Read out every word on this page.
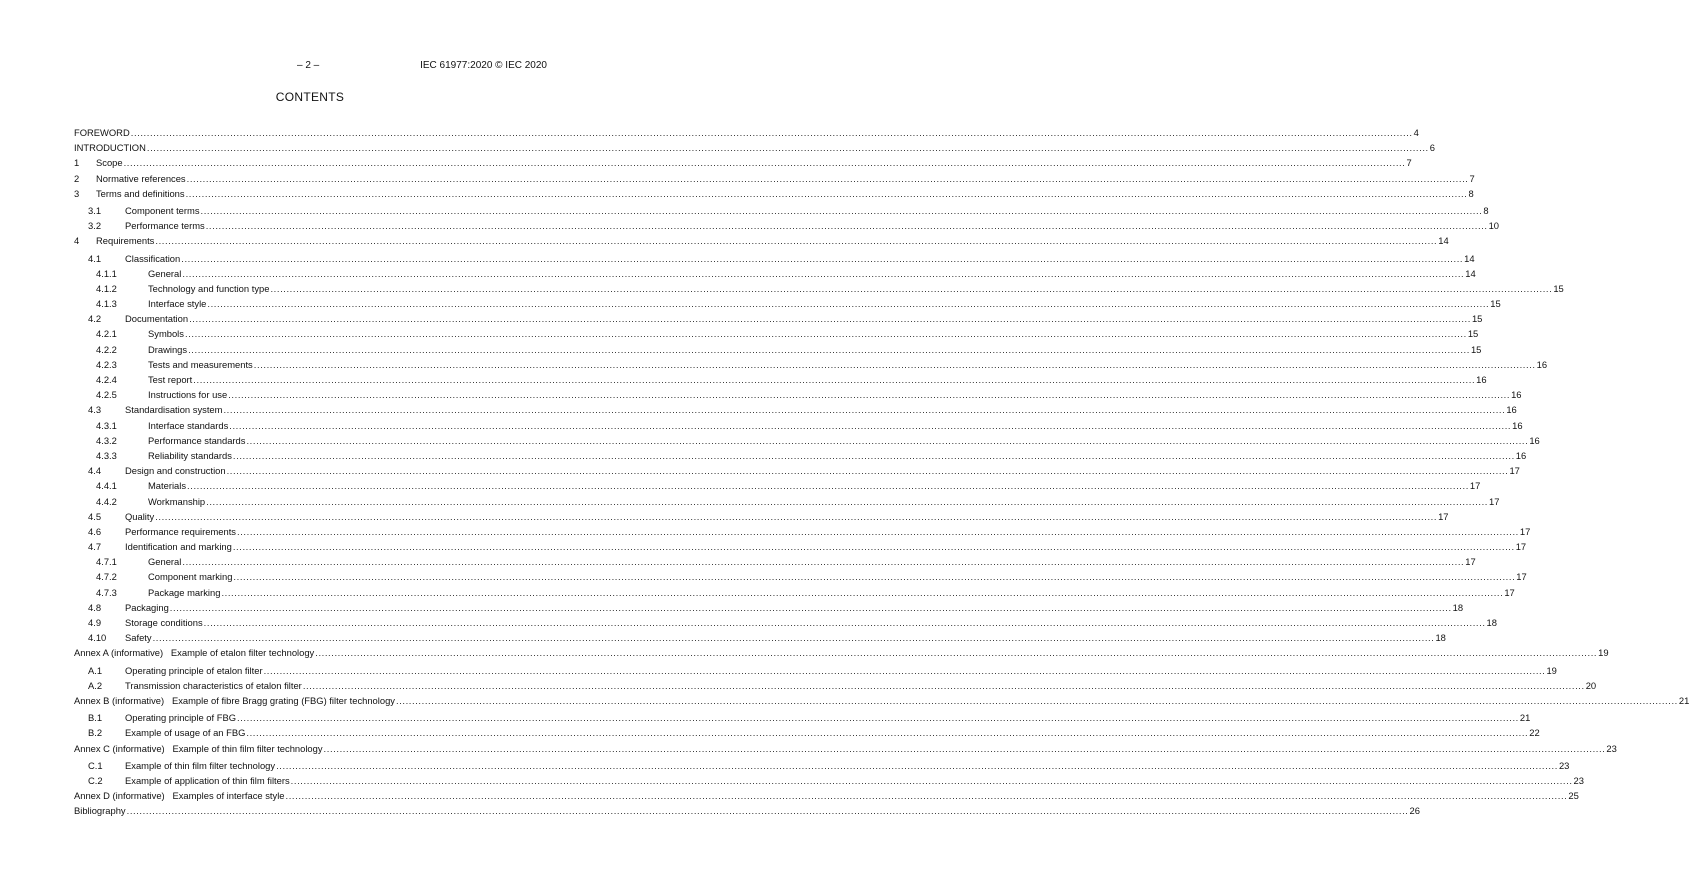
– 2 –	IEC 61977:2020 © IEC 2020
CONTENTS
FOREWORD ................................................................................................................................................................................................................................................................................................................................................................................................................ 4
INTRODUCTION ................................................................................................................................................................................................................................................................................................................................................................................................................ 6
1	Scope ................................................................................................................................................................................................................................................................................................................................................................................................................ 7
2	Normative references ................................................................................................................................................................................................................................................................................................................................................................................................................ 7
3	Terms and definitions ................................................................................................................................................................................................................................................................................................................................................................................................................ 8
3.1	Component terms ................................................................................................................................................................................................................................................................................................................................................................................................................ 8
3.2	Performance terms ................................................................................................................................................................................................................................................................................................................................................................................................................ 10
4	Requirements ................................................................................................................................................................................................................................................................................................................................................................................................................ 14
4.1	Classification ................................................................................................................................................................................................................................................................................................................................................................................................................ 14
4.1.1	General ................................................................................................................................................................................................................................................................................................................................................................................................................ 14
4.1.2	Technology and function type ................................................................................................................................................................................................................................................................................................................................................................................................................ 15
4.1.3	Interface style ................................................................................................................................................................................................................................................................................................................................................................................................................ 15
4.2	Documentation ................................................................................................................................................................................................................................................................................................................................................................................................................ 15
4.2.1	Symbols ................................................................................................................................................................................................................................................................................................................................................................................................................ 15
4.2.2	Drawings ................................................................................................................................................................................................................................................................................................................................................................................................................ 15
4.2.3	Tests and measurements ................................................................................................................................................................................................................................................................................................................................................................................................................ 16
4.2.4	Test report ................................................................................................................................................................................................................................................................................................................................................................................................................ 16
4.2.5	Instructions for use ................................................................................................................................................................................................................................................................................................................................................................................................................ 16
4.3	Standardisation system ................................................................................................................................................................................................................................................................................................................................................................................................................ 16
4.3.1	Interface standards ................................................................................................................................................................................................................................................................................................................................................................................................................ 16
4.3.2	Performance standards ................................................................................................................................................................................................................................................................................................................................................................................................................ 16
4.3.3	Reliability standards ................................................................................................................................................................................................................................................................................................................................................................................................................ 16
4.4	Design and construction ................................................................................................................................................................................................................................................................................................................................................................................................................ 17
4.4.1	Materials ................................................................................................................................................................................................................................................................................................................................................................................................................ 17
4.4.2	Workmanship ................................................................................................................................................................................................................................................................................................................................................................................................................ 17
4.5	Quality ................................................................................................................................................................................................................................................................................................................................................................................................................ 17
4.6	Performance requirements ................................................................................................................................................................................................................................................................................................................................................................................................................ 17
4.7	Identification and marking ................................................................................................................................................................................................................................................................................................................................................................................................................ 17
4.7.1	General ................................................................................................................................................................................................................................................................................................................................................................................................................ 17
4.7.2	Component marking ................................................................................................................................................................................................................................................................................................................................................................................................................ 17
4.7.3	Package marking ................................................................................................................................................................................................................................................................................................................................................................................................................ 17
4.8	Packaging ................................................................................................................................................................................................................................................................................................................................................................................................................ 18
4.9	Storage conditions ................................................................................................................................................................................................................................................................................................................................................................................................................ 18
4.10	Safety ................................................................................................................................................................................................................................................................................................................................................................................................................ 18
Annex A (informative)   Example of etalon filter technology ................................................................................................................................................................................................................................................................................................................................................................................................................ 19
A.1	Operating principle of etalon filter ................................................................................................................................................................................................................................................................................................................................................................................................................ 19
A.2	Transmission characteristics of etalon filter ................................................................................................................................................................................................................................................................................................................................................................................................................ 20
Annex B (informative)   Example of fibre Bragg grating (FBG) filter technology ................................................................................................................................................................................................................................................................................................................................................................................................................ 21
B.1	Operating principle of FBG ................................................................................................................................................................................................................................................................................................................................................................................................................ 21
B.2	Example of usage of an FBG ................................................................................................................................................................................................................................................................................................................................................................................................................ 22
Annex C (informative)   Example of thin film filter technology ................................................................................................................................................................................................................................................................................................................................................................................................................ 23
C.1	Example of thin film filter technology ................................................................................................................................................................................................................................................................................................................................................................................................................ 23
C.2	Example of application of thin film filters ................................................................................................................................................................................................................................................................................................................................................................................................................ 23
Annex D (informative)   Examples of interface style ................................................................................................................................................................................................................................................................................................................................................................................................................ 25
Bibliography ................................................................................................................................................................................................................................................................................................................................................................................................................ 26
